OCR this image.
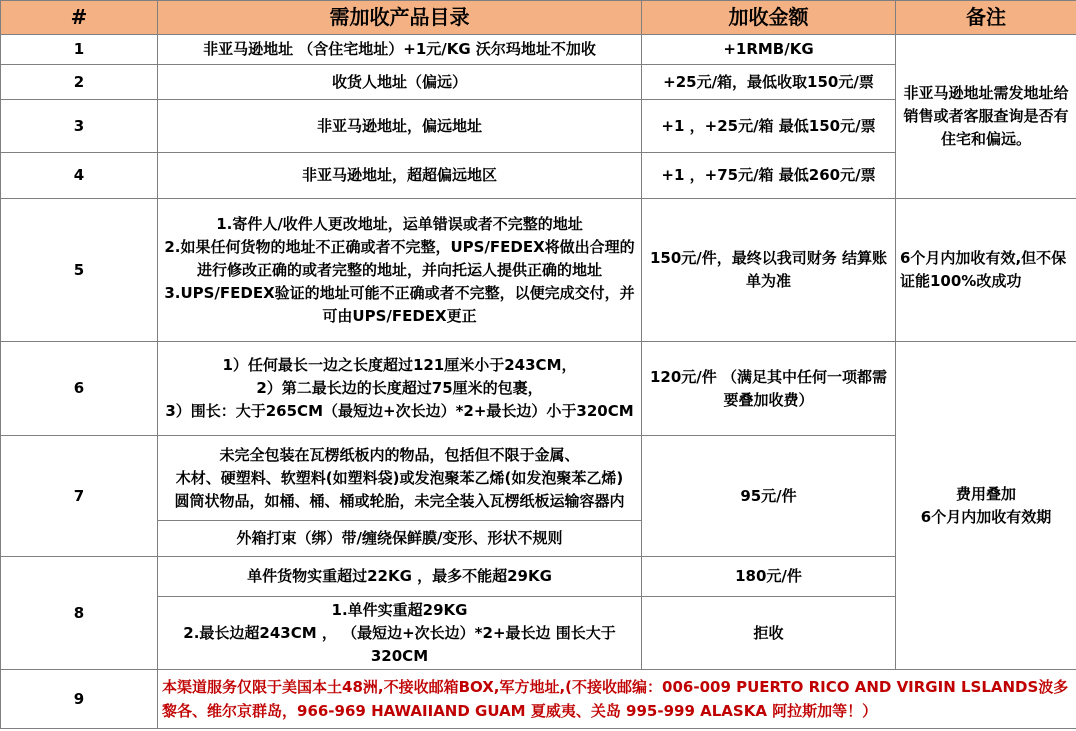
#	需加收产品目录	加收金额	备注
1	非亚马逊地址 （含住宅地址）+1元/KG 沃尔玛地址不加收	+1RMB/KG	非亚马逊地址需发地址给销售或者客服查询是否有住宅和偏远。
2	收货人地址（偏远）	+25元/箱，最低收取150元/票	
3	非亚马逊地址，偏远地址	+1 ，+25元/箱 最低150元/票	
4	非亚马逊地址，超超偏远地区	+1 ，+75元/箱 最低260元/票	
5	1.寄件人/收件人更改地址，运单错误或者不完整的地址
2.如果任何货物的地址不正确或者不完整，UPS/FEDEX将做出合理的
进行修改正确的或者完整的地址，并向托运人提供正确的地址
3.UPS/FEDEX验证的地址可能不正确或者不完整，以便完成交付，并可由UPS/FEDEX更正	150元/件，最终以我司财务 结算账单为准	6个月内加收有效,但不保证能100%改成功
6	1）任何最长一边之长度超过121厘米小于243CM，
2）第二最长边的长度超过75厘米的包裹，
3）围长：大于265CM（最短边+次长边）*2+最长边）小于320CM	120元/件 （满足其中任何一项都需要叠加收费）	费用叠加
6个月内加收有效期
7	未完全包装在瓦楞纸板内的物品，包括但不限于金属、
木材、硬塑料、软塑料(如塑料袋)或发泡聚苯乙烯(如发泡聚苯乙烯)
圆筒状物品，如桶、桶、桶或轮胎，未完全装入瓦楞纸板运输容器内	95元/件	
	外箱打束（绑）带/缠绕保鲜膜/变形、形状不规则		
8	单件货物实重超过22KG ，最多不能超29KG	180元/件	
	1.单件实重超29KG
2.最长边超243CM ， （最短边+次长边）*2+最长边 围长大于320CM	拒收	
9	本渠道服务仅限于美国本土48洲,不接收邮箱BOX,军方地址,(不接收邮编：006-009 PUERTO RICO AND VIRGIN LSLANDS波多黎各、维尔京群岛，966-969 HAWAIIAND GUAM 夏威夷、关岛 995-999 ALASKA 阿拉斯加等！）		
